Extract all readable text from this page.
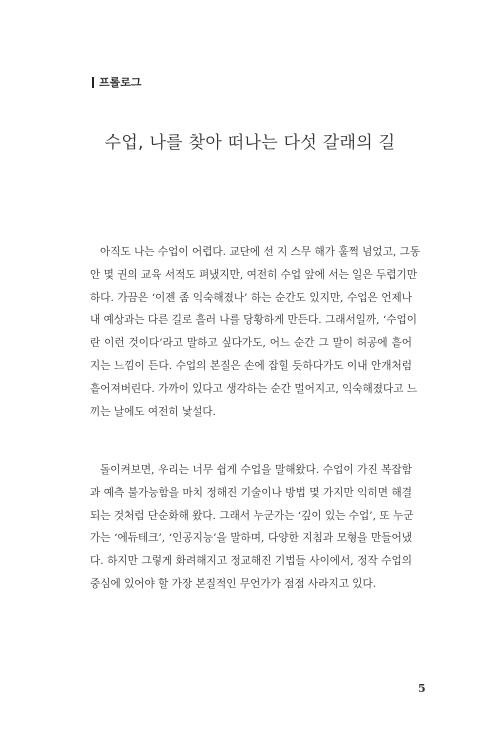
프롤로그
수업, 나를 찾아 떠나는 다섯 갈래의 길
아직도 나는 수업이 어렵다. 교단에 선 지 스무 해가 훌쩍 넘었고, 그동
안 몇 권의 교육 서적도 펴냈지만, 여전히 수업 앞에 서는 일은 두렵기만
하다. 가끔은 ‘이젠 좀 익숙해졌나’ 하는 순간도 있지만, 수업은 언제나
내 예상과는 다른 길로 흘러 나를 당황하게 만든다. 그래서일까, ‘수업이
란 이런 것이다’라고 말하고 싶다가도, 어느 순간 그 말이 허공에 흩어
지는 느낌이 든다. 수업의 본질은 손에 잡힐 듯하다가도 이내 안개처럼
흩어져버린다. 가까이 있다고 생각하는 순간 멀어지고, 익숙해졌다고 느
끼는 날에도 여전히 낯설다.
돌이켜보면, 우리는 너무 쉽게 수업을 말해왔다. 수업이 가진 복잡함
과 예측 불가능함을 마치 정해진 기술이나 방법 몇 가지만 익히면 해결
되는 것처럼 단순화해 왔다. 그래서 누군가는 ‘깊이 있는 수업’, 또 누군
가는 ‘에듀테크’, ‘인공지능’을 말하며, 다양한 지침과 모형을 만들어냈
다. 하지만 그렇게 화려해지고 정교해진 기법들 사이에서, 정작 수업의
중심에 있어야 할 가장 본질적인 무언가가 점점 사라지고 있다.
5
